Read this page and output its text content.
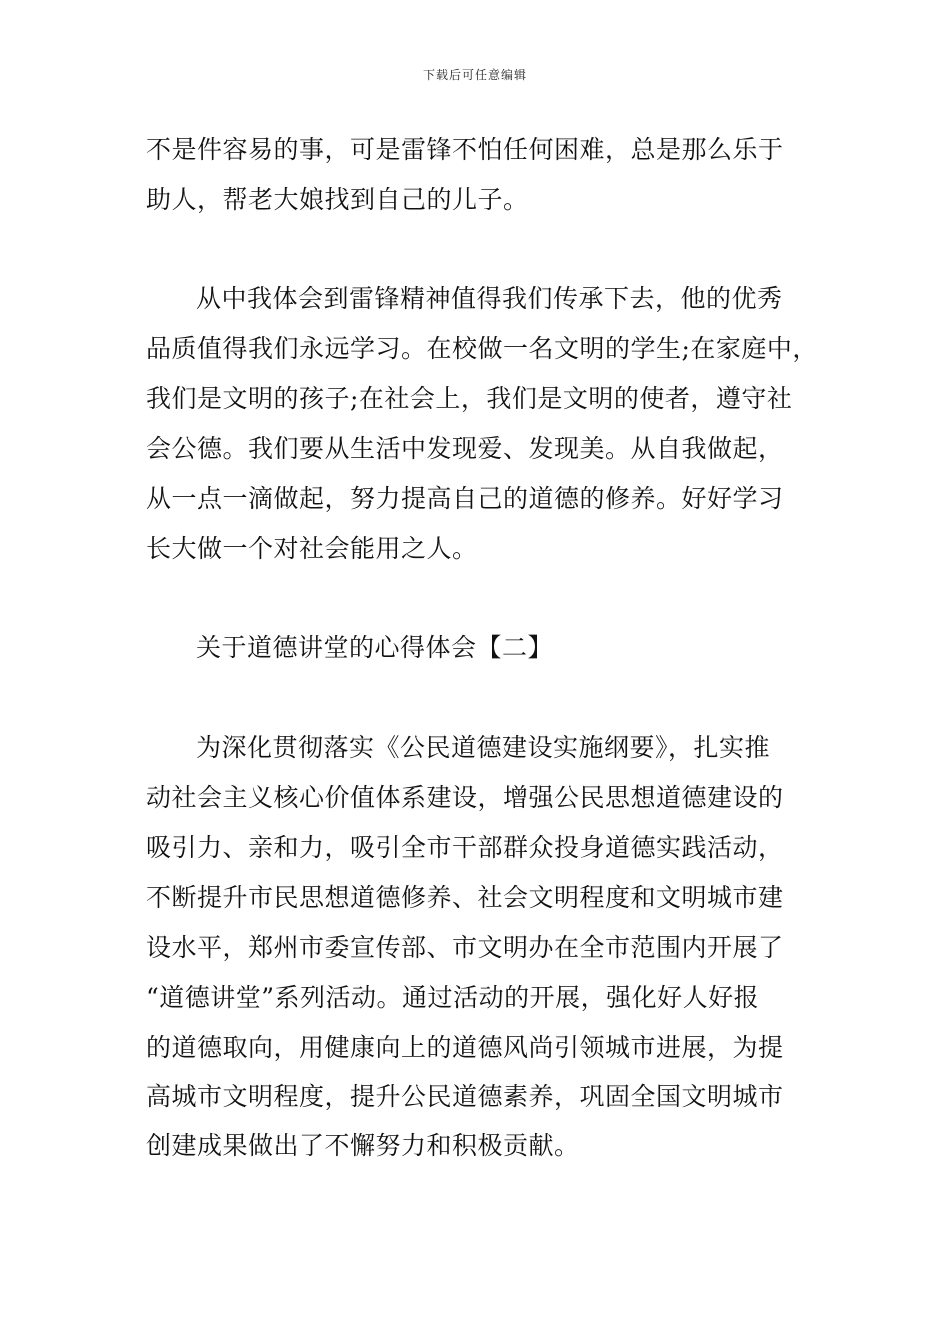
下载后可任意编辑
不是件容易的事，可是雷锋不怕任何困难，总是那么乐于
助人，帮老大娘找到自己的儿子。
从中我体会到雷锋精神值得我们传承下去，他的优秀
品质值得我们永远学习。在校做一名文明的学生;在家庭中，
我们是文明的孩子;在社会上，我们是文明的使者，遵守社
会公德。我们要从生活中发现爱、发现美。从自我做起，
从一点一滴做起，努力提高自己的道德的修养。好好学习
长大做一个对社会能用之人。
关于道德讲堂的心得体会【二】
为深化贯彻落实《公民道德建设实施纲要》，扎实推
动社会主义核心价值体系建设，增强公民思想道德建设的
吸引力、亲和力，吸引全市干部群众投身道德实践活动，
不断提升市民思想道德修养、社会文明程度和文明城市建
设水平，郑州市委宣传部、市文明办在全市范围内开展了
“道德讲堂”系列活动。通过活动的开展，强化好人好报
的道德取向，用健康向上的道德风尚引领城市进展，为提
高城市文明程度，提升公民道德素养，巩固全国文明城市
创建成果做出了不懈努力和积极贡献。
